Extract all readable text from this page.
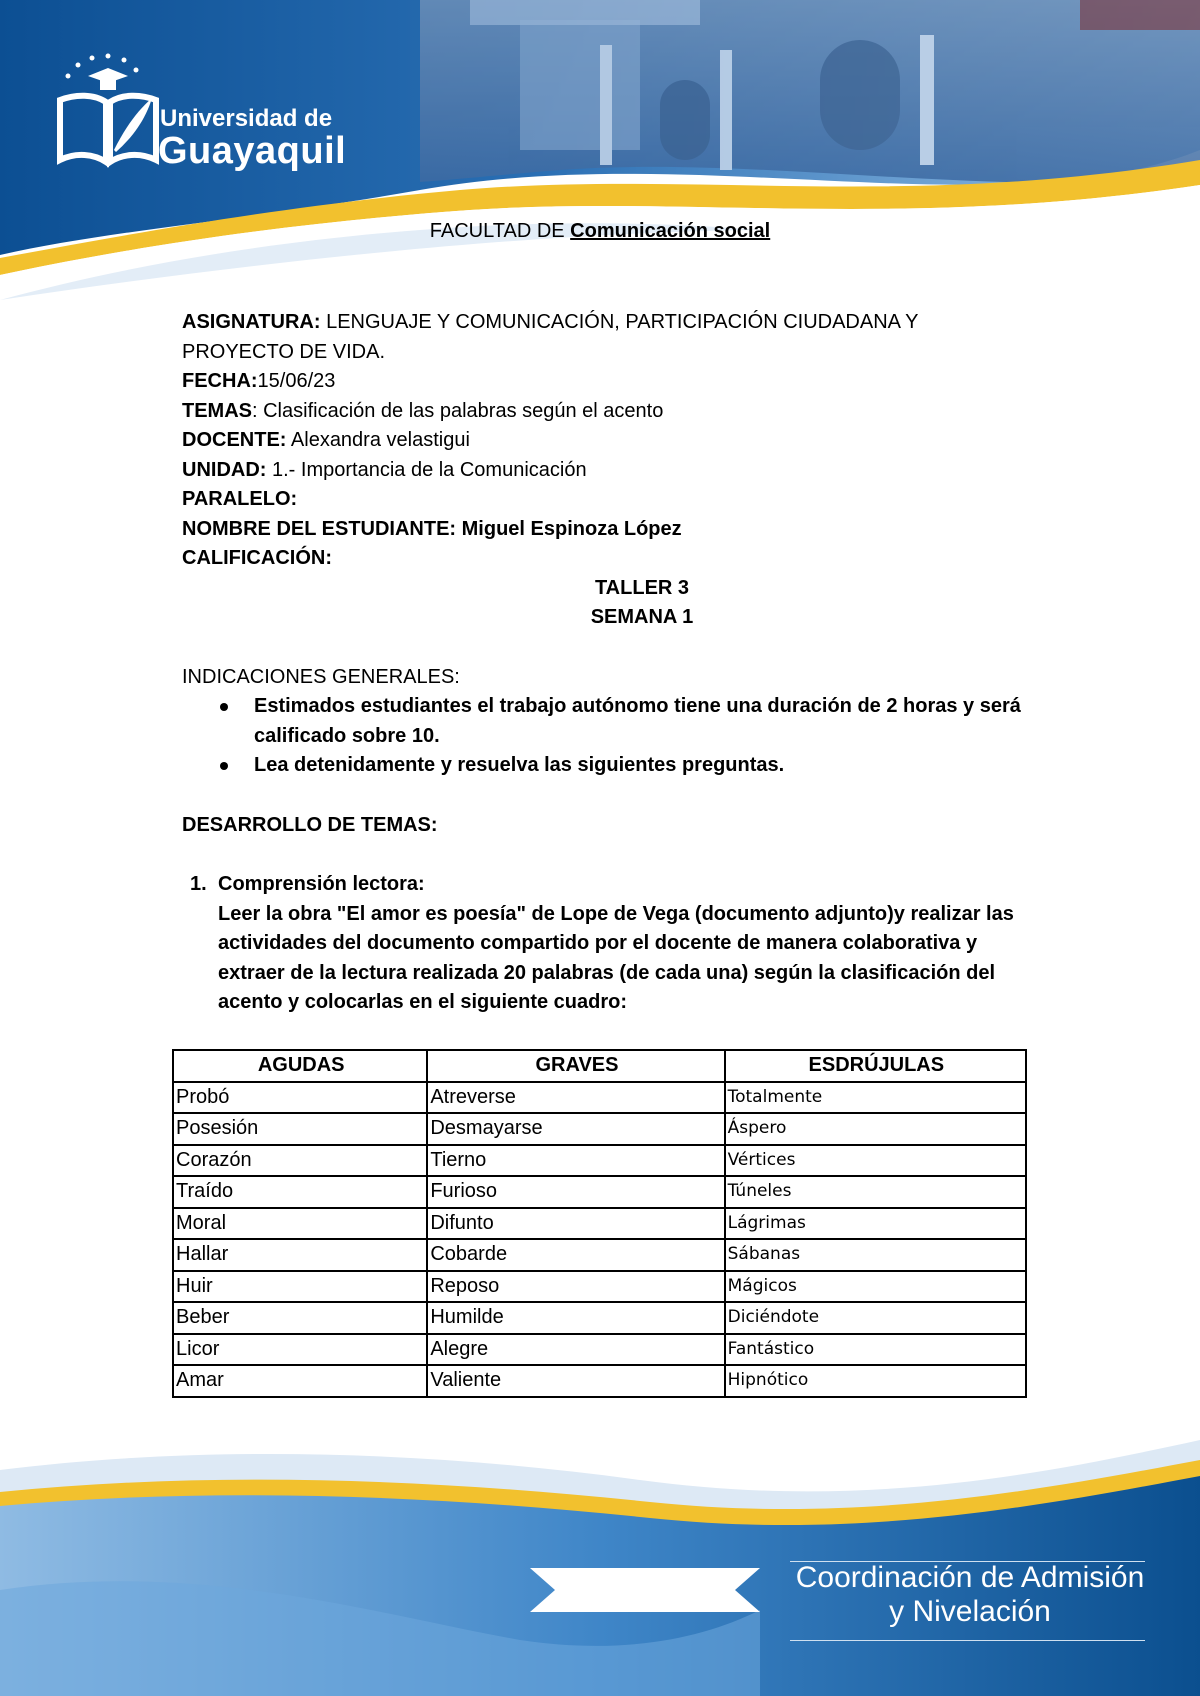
Universidad de

Guayaquil

FACULTAD DE Comunicación social

ASIGNATURA: LENGUAJE Y COMUNICACIÓN, PARTICIPACIÓN CIUDADANA Y

PROYECTO DE VIDA.

FECHA:15/06/23

TEMAS: Clasificación de las palabras según el acento

DOCENTE: Alexandra velastigui

UNIDAD: 1.- Importancia de la Comunicación

PARALELO:

NOMBRE DEL ESTUDIANTE: Miguel Espinoza López

CALIFICACIÓN:

TALLER 3

SEMANA 1

INDICACIONES GENERALES:

Estimados estudiantes el trabajo autónomo tiene una duración de 2 horas y será calificado sobre 10.
Lea detenidamente y resuelva las siguientes preguntas.

DESARROLLO DE TEMAS:

1. Comprensión lectora:

Leer la obra "El amor es poesía" de Lope de Vega (documento adjunto)y realizar las actividades del documento compartido por el docente de manera colaborativa y extraer de la lectura realizada 20 palabras (de cada una) según la clasificación del acento y colocarlas en el siguiente cuadro:

AGUDAS	GRAVES	ESDRÚJULAS
Probó	Atreverse	Totalmente
Posesión	Desmayarse	Áspero
Corazón	Tierno	Vértices
Traído	Furioso	Túneles
Moral	Difunto	Lágrimas
Hallar	Cobarde	Sábanas
Huir	Reposo	Mágicos
Beber	Humilde	Diciéndote
Licor	Alegre	Fantástico
Amar	Valiente	Hipnótico
Coordinación de Admisión
y Nivelación
